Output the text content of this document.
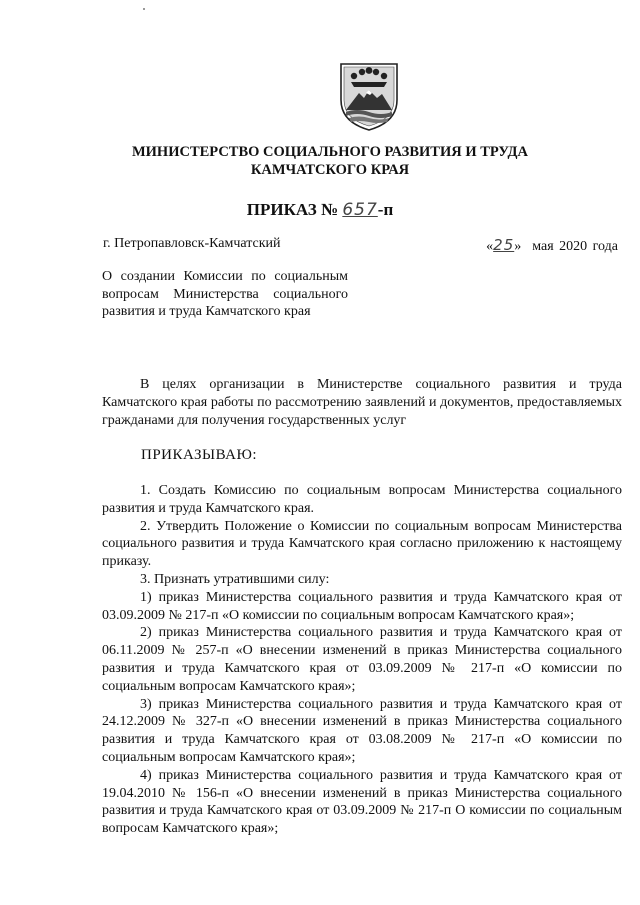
МИНИСТЕРСТВО СОЦИАЛЬНОГО РАЗВИТИЯ И ТРУДА
КАМЧАТСКОГО КРАЯ
ПРИКАЗ № 657-п
г. Петропавловск-Камчатский	«25» мая 2020 года
О создании Комиссии по социальным вопросам Министерства социального развития и труда Камчатского края

В целях организации в Министерстве социального развития и труда Камчатского края работы по рассмотрению заявлений и документов, предоставляемых гражданами для получения государственных услуг

ПРИКАЗЫВАЮ:

1. Создать Комиссию по социальным вопросам Министерства социального развития и труда Камчатского края.

2. Утвердить Положение о Комиссии по социальным вопросам Министерства социального развития и труда Камчатского края согласно приложению к настоящему приказу.

3. Признать утратившими силу:

1) приказ Министерства социального развития и труда Камчатского края от 03.09.2009 № 217-п «О комиссии по социальным вопросам Камчатского края»;

2) приказ Министерства социального развития и труда Камчатского края от 06.11.2009 № 257-п «О внесении изменений в приказ Министерства социального развития и труда Камчатского края от 03.09.2009 № 217-п «О комиссии по социальным вопросам Камчатского края»;

3) приказ Министерства социального развития и труда Камчатского края от 24.12.2009 № 327-п «О внесении изменений в приказ Министерства социального развития и труда Камчатского края от 03.08.2009 № 217-п «О комиссии по социальным вопросам Камчатского края»;

4) приказ Министерства социального развития и труда Камчатского края от 19.04.2010 № 156-п «О внесении изменений в приказ Министерства социального развития и труда Камчатского края от 03.09.2009 № 217-п О комиссии по социальным вопросам Камчатского края»;
